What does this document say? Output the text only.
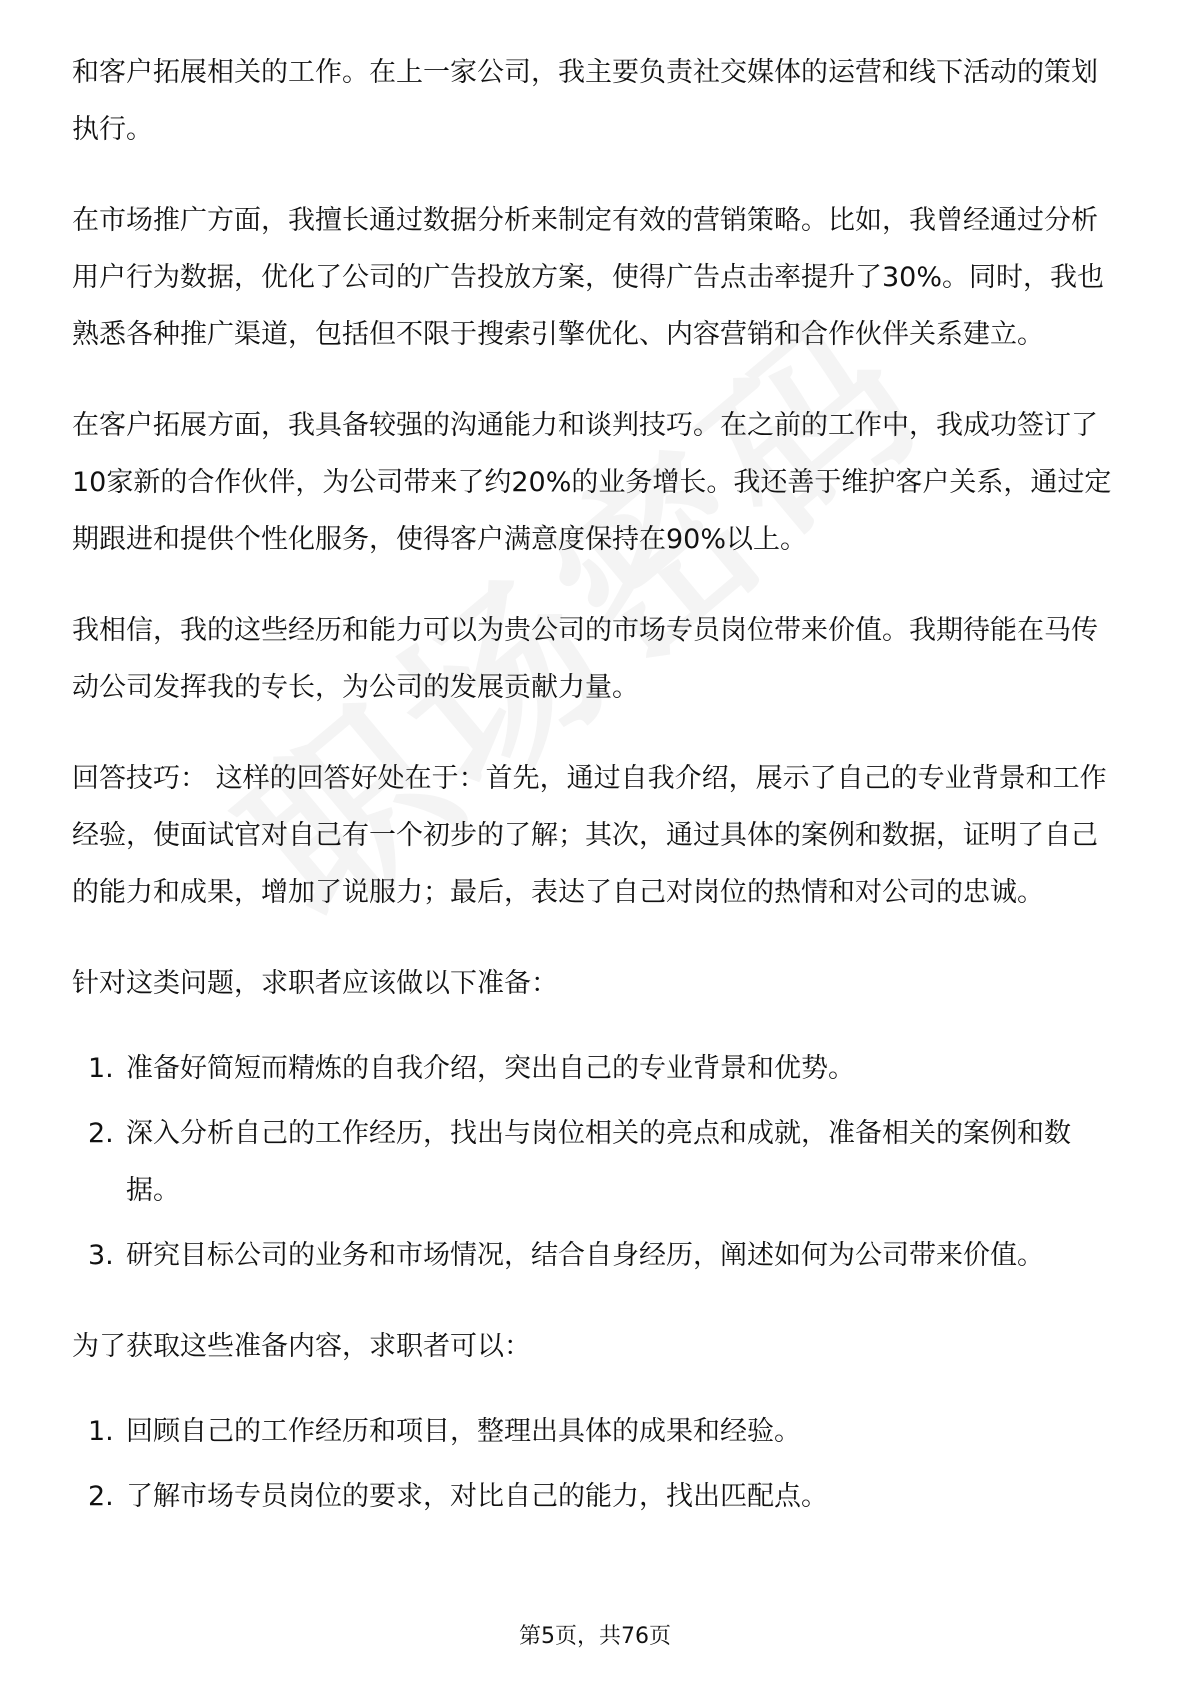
和客户拓展相关的工作。在上一家公司，我主要负责社交媒体的运营和线下活动的策划执行。

在市场推广方面，我擅长通过数据分析来制定有效的营销策略。比如，我曾经通过分析用户行为数据，优化了公司的广告投放方案，使得广告点击率提升了30%。同时，我也熟悉各种推广渠道，包括但不限于搜索引擎优化、内容营销和合作伙伴关系建立。

在客户拓展方面，我具备较强的沟通能力和谈判技巧。在之前的工作中，我成功签订了10家新的合作伙伴，为公司带来了约20%的业务增长。我还善于维护客户关系，通过定期跟进和提供个性化服务，使得客户满意度保持在90%以上。

我相信，我的这些经历和能力可以为贵公司的市场专员岗位带来价值。我期待能在马传动公司发挥我的专长，为公司的发展贡献力量。

回答技巧： 这样的回答好处在于：首先，通过自我介绍，展示了自己的专业背景和工作经验，使面试官对自己有一个初步的了解；其次，通过具体的案例和数据，证明了自己的能力和成果，增加了说服力；最后，表达了自己对岗位的热情和对公司的忠诚。

针对这类问题，求职者应该做以下准备：

1. 准备好简短而精炼的自我介绍，突出自己的专业背景和优势。
2. 深入分析自己的工作经历，找出与岗位相关的亮点和成就，准备相关的案例和数据。
3. 研究目标公司的业务和市场情况，结合自身经历，阐述如何为公司带来价值。

为了获取这些准备内容，求职者可以：

1. 回顾自己的工作经历和项目，整理出具体的成果和经验。
2. 了解市场专员岗位的要求，对比自己的能力，找出匹配点。
第5页，共76页
